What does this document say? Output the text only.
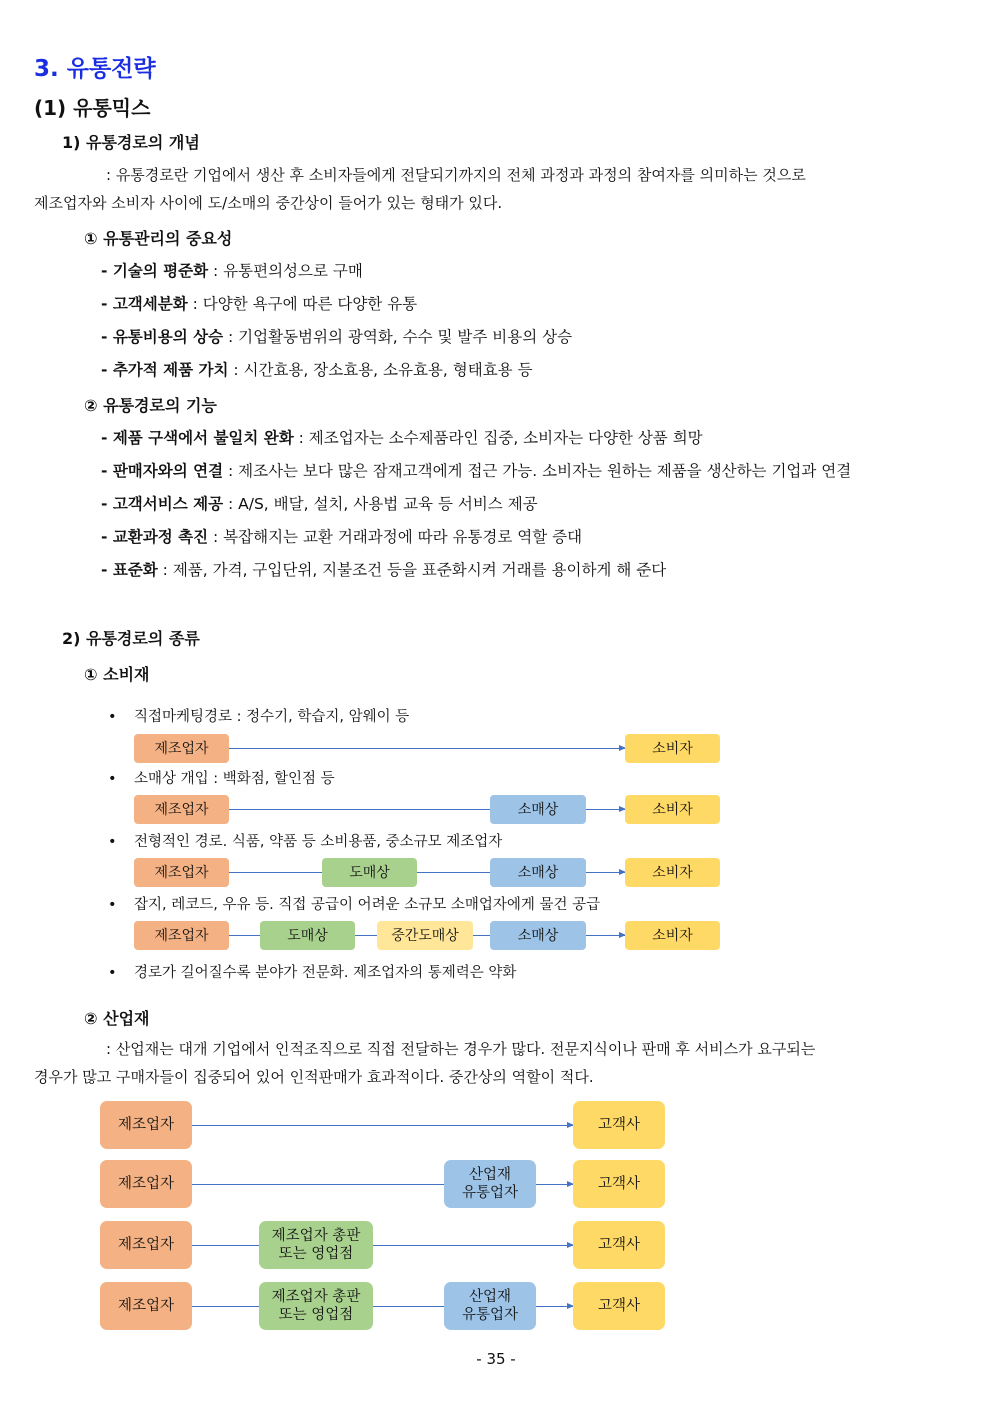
3. 유통전략
(1) 유통믹스
1) 유통경로의 개념
: 유통경로란 기업에서 생산 후 소비자들에게 전달되기까지의 전체 과정과 과정의 참여자를 의미하는 것으로
제조업자와 소비자 사이에 도/소매의 중간상이 들어가 있는 형태가 있다.
① 유통관리의 중요성
- 기술의 평준화 : 유통편의성으로 구매
- 고객세분화 : 다양한 욕구에 따른 다양한 유통
- 유통비용의 상승 : 기업활동범위의 광역화, 수수 및 발주 비용의 상승
- 추가적 제품 가치 : 시간효용, 장소효용, 소유효용, 형태효용 등
② 유통경로의 기능
- 제품 구색에서 불일치 완화 : 제조업자는 소수제품라인 집중, 소비자는 다양한 상품 희망
- 판매자와의 연결 : 제조사는 보다 많은 잠재고객에게 접근 가능. 소비자는 원하는 제품을 생산하는 기업과 연결
- 고객서비스 제공 : A/S, 배달, 설치, 사용법 교육 등 서비스 제공
- 교환과정 촉진 : 복잡해지는 교환 거래과정에 따라 유통경로 역할 증대
- 표준화 : 제품, 가격, 구입단위, 지불조건 등을 표준화시켜 거래를 용이하게 해 준다
2) 유통경로의 종류
① 소비재
• 직접마케팅경로 : 정수기, 학습지, 암웨이 등
제조업자	소비자
• 소매상 개입 : 백화점, 할인점 등
제조업자	소매상	소비자
• 전형적인 경로. 식품, 약품 등 소비용품, 중소규모 제조업자
제조업자	도매상	소매상	소비자
• 잡지, 레코드, 우유 등. 직접 공급이 어려운 소규모 소매업자에게 물건 공급
제조업자	도매상	중간도매상	소매상	소비자
• 경로가 길어질수록 분야가 전문화. 제조업자의 통제력은 약화
② 산업재
: 산업재는 대개 기업에서 인적조직으로 직접 전달하는 경우가 많다. 전문지식이나 판매 후 서비스가 요구되는
경우가 많고 구매자들이 집중되어 있어 인적판매가 효과적이다. 중간상의 역할이 적다.
제조업자	고객사
제조업자
산업재
유통업자
고객사
제조업자
제조업자 총판
또는 영업점
고객사
제조업자
제조업자 총판
또는 영업점
산업재
유통업자
고객사
- 35 -
